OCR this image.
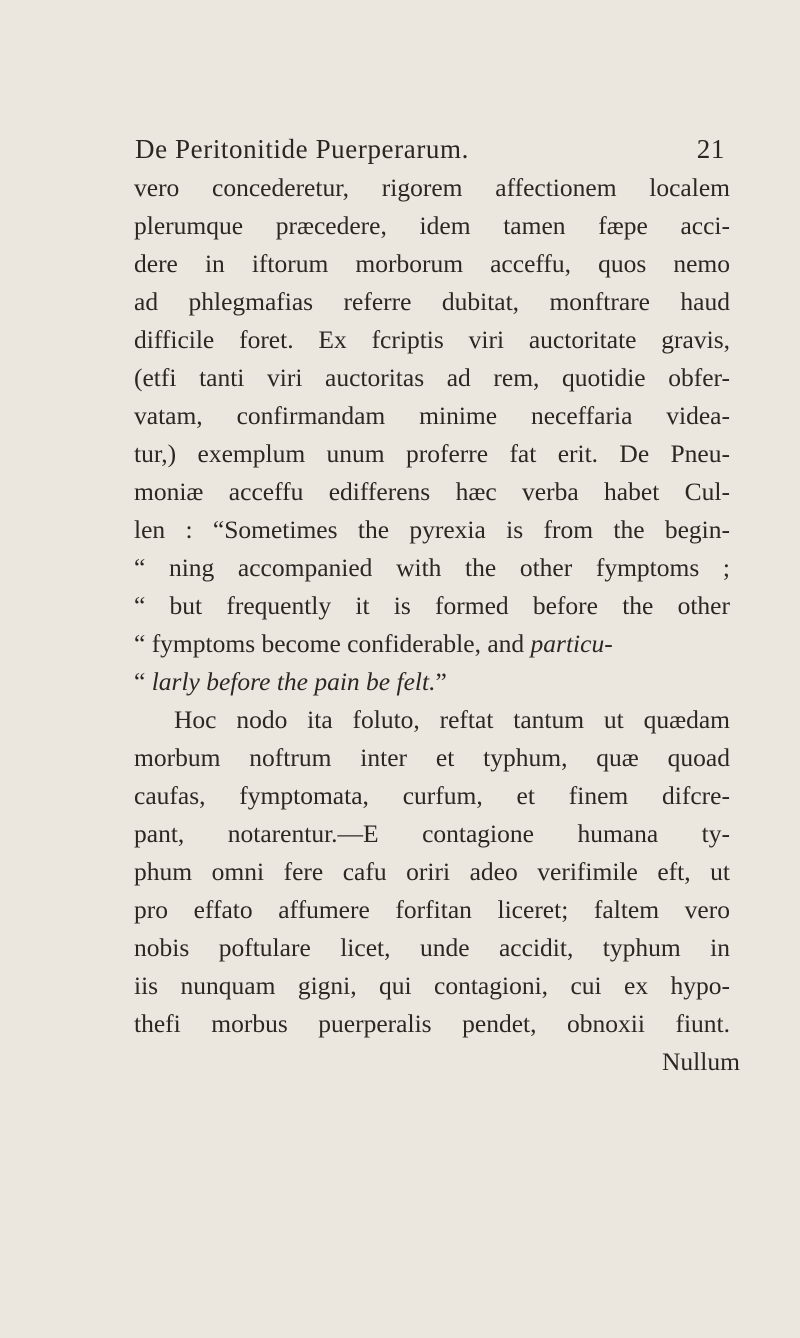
De Peritonitide Puerperarum.	21
vero concederetur, rigorem affectionem localem
plerumque præcedere, idem tamen fæpe acci-
dere in iftorum morborum acceffu, quos nemo
ad phlegmafias referre dubitat, monftrare haud
difficile foret. Ex fcriptis viri auctoritate gravis,
(etfi tanti viri auctoritas ad rem, quotidie obfer-
vatam, confirmandam minime neceffaria videa-
tur,) exemplum unum proferre fat erit. De Pneu-
moniæ acceffu edifferens hæc verba habet Cul-
len : “Sometimes the pyrexia is from the begin-
“ ning accompanied with the other fymptoms ;
“ but frequently it is formed before the other
“ fymptoms become confiderable, and particu-
“ larly before the pain be felt.”
Hoc nodo ita foluto, reftat tantum ut quædam
morbum noftrum inter et typhum, quæ quoad
caufas, fymptomata, curfum, et finem difcre-
pant, notarentur.—E contagione humana ty-
phum omni fere cafu oriri adeo verifimile eft, ut
pro effato affumere forfitan liceret; faltem vero
nobis poftulare licet, unde accidit, typhum in
iis nunquam gigni, qui contagioni, cui ex hypo-
thefi morbus puerperalis pendet, obnoxii fiunt.
Nullum
